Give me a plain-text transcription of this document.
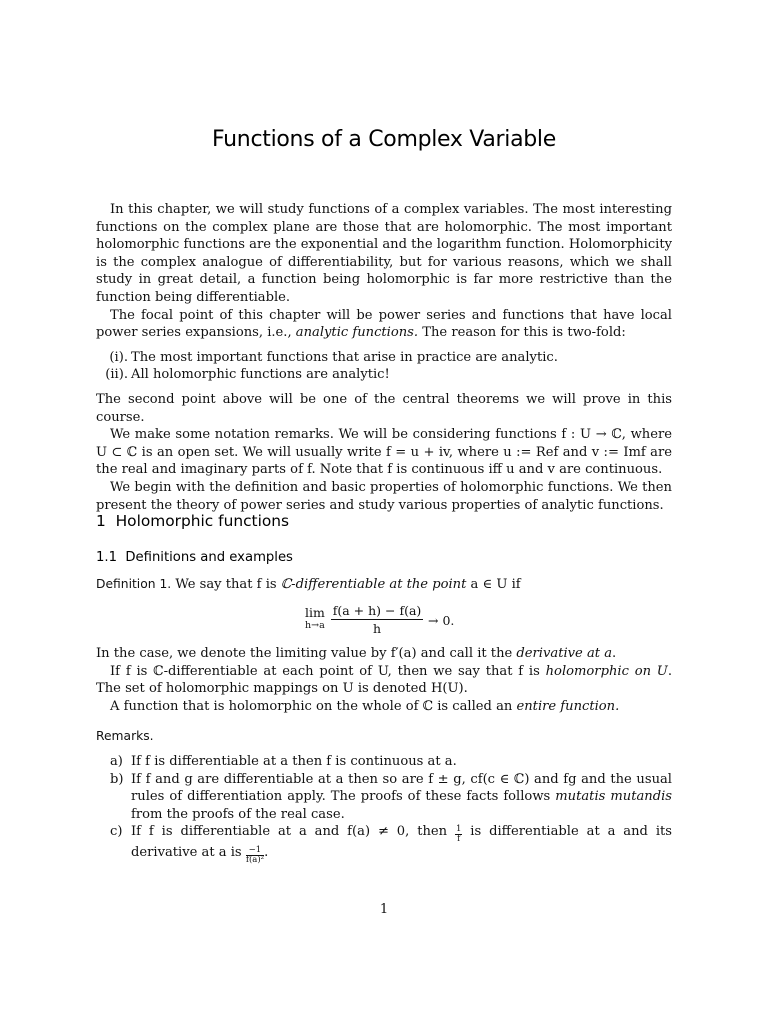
Functions of a Complex Variable

In this chapter, we will study functions of a complex variables. The most interesting functions on the complex plane are those that are holomorphic. The most important holomorphic functions are the exponential and the logarithm function. Holomorphicity is the complex analogue of differentiability, but for various reasons, which we shall study in great detail, a function being holomorphic is far more restrictive than the function being differentiable.

The focal point of this chapter will be power series and functions that have local power series expansions, i.e., analytic functions. The reason for this is two-fold:

(i). The most important functions that arise in practice are analytic.
(ii). All holomorphic functions are analytic!

The second point above will be one of the central theorems we will prove in this course.

We make some notation remarks. We will be considering functions f : U → ℂ, where U ⊂ ℂ is an open set. We will usually write f = u + iv, where u := Ref and v := Imf are the real and imaginary parts of f. Note that f is continuous iff u and v are continuous.

We begin with the definition and basic properties of holomorphic functions. We then present the theory of power series and study various properties of analytic functions.

1 Holomorphic functions
1.1 Definitions and examples

Definition 1. We say that f is ℂ-differentiable at the point a ∈ U if

lim
$h\to a \frac{f(a + h) - f(a)}{h} \to 0$.

In the case, we denote the limiting value by f′(a) and call it the derivative at a.

If f is ℂ-differentiable at each point of U, then we say that f is holomorphic on U. The set of holomorphic mappings on U is denoted H(U).

A function that is holomorphic on the whole of ℂ is called an entire function.

Remarks.
a) If f is differentiable at a then f is continuous at a.
b) If f and g are differentiable at a then so are f ± g, cf(c ∈ ℂ) and fg and the usual rules of differentiation apply. The proofs of these facts follows mutatis mutandis from the proofs of the real case.
c) If f is differentiable at a and f(a) ≠ 0, then $\frac{1}{f}$ is differentiable at a and its derivative at a is $\frac{-1}{\text{f(a)²}}$ .
1
